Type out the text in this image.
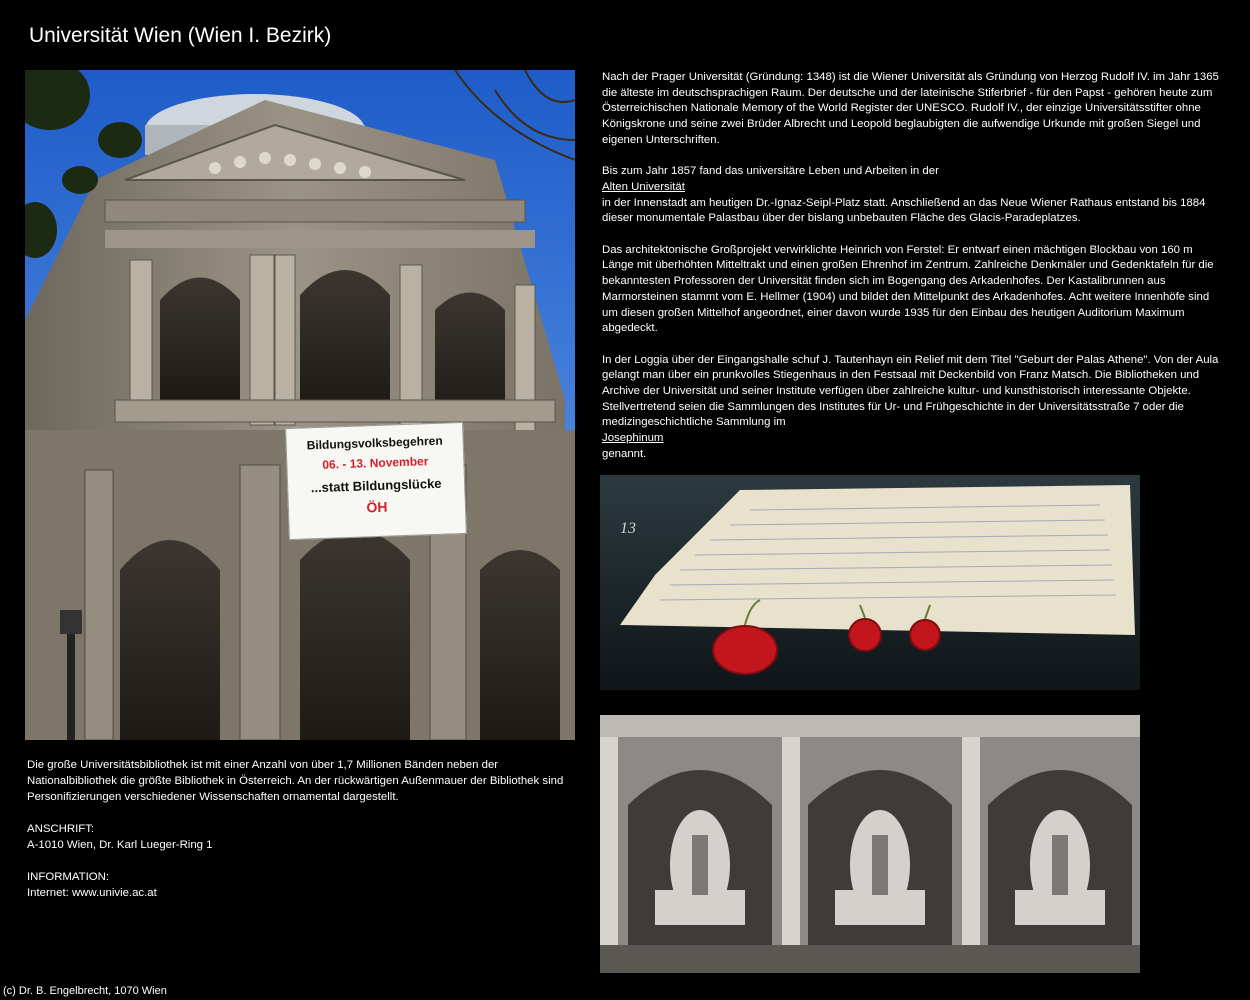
Universität Wien (Wien I. Bezirk)
Bildungsvolksbegehren
06. - 13. November
...statt Bildungslücke
ÖH

Nach der Prager Universität (Gründung: 1348) ist die Wiener Universität als Gründung von Herzog Rudolf IV. im Jahr 1365 die älteste im deutschsprachigen Raum. Der deutsche und der lateinische Stiferbrief - für den Papst - gehören heute zum Österreichischen Nationale Memory of the World Register der UNESCO. Rudolf IV., der einzige Universitätsstifter ohne Königskrone und seine zwei Brüder Albrecht und Leopold beglaubigten die aufwendige Urkunde mit großen Siegel und eigenen Unterschriften.

Bis zum Jahr 1857 fand das universitäre Leben und Arbeiten in der
Alten Universität
in der Innenstadt am heutigen Dr.-Ignaz-Seipl-Platz statt. Anschließend an das Neue Wiener Rathaus entstand bis 1884 dieser monumentale Palastbau über der bislang unbebauten Fläche des Glacis-Paradeplatzes.

Das architektonische Großprojekt verwirklichte Heinrich von Ferstel: Er entwarf einen mächtigen Blockbau von 160 m Länge mit überhöhten Mitteltrakt und einen großen Ehrenhof im Zentrum. Zahlreiche Denkmäler und Gedenktafeln für die bekanntesten Professoren der Universität finden sich im Bogengang des Arkadenhofes. Der Kastalibrunnen aus Marmorsteinen stammt vom E. Hellmer (1904) und bildet den Mittelpunkt des Arkadenhofes. Acht weitere Innenhöfe sind um diesen großen Mittelhof angeordnet, einer davon wurde 1935 für den Einbau des heutigen Auditorium Maximum abgedeckt.

In der Loggia über der Eingangshalle schuf J. Tautenhayn ein Relief mit dem Titel "Geburt der Palas Athene". Von der Aula gelangt man über ein prunkvolles Stiegenhaus in den Festsaal mit Deckenbild von Franz Matsch. Die Bibliotheken und Archive der Universität und seiner Institute verfügen über zahlreiche kultur- und kunsthistorisch interessante Objekte. Stellvertretend seien die Sammlungen des Institutes für Ur- und Frühgeschichte in der Universitätsstraße 7 oder die medizingeschichtliche Sammlung im
Josephinum
genannt.

13

Die große Universitätsbibliothek ist mit einer Anzahl von über 1,7 Millionen Bänden neben der Nationalbibliothek die größte Bibliothek in Österreich. An der rückwärtigen Außenmauer der Bibliothek sind Personifizierungen verschiedener Wissenschaften ornamental dargestellt.

ANSCHRIFT:
A-1010 Wien, Dr. Karl Lueger-Ring 1

INFORMATION:
Internet: www.univie.ac.at

(c) Dr. B. Engelbrecht, 1070 Wien
